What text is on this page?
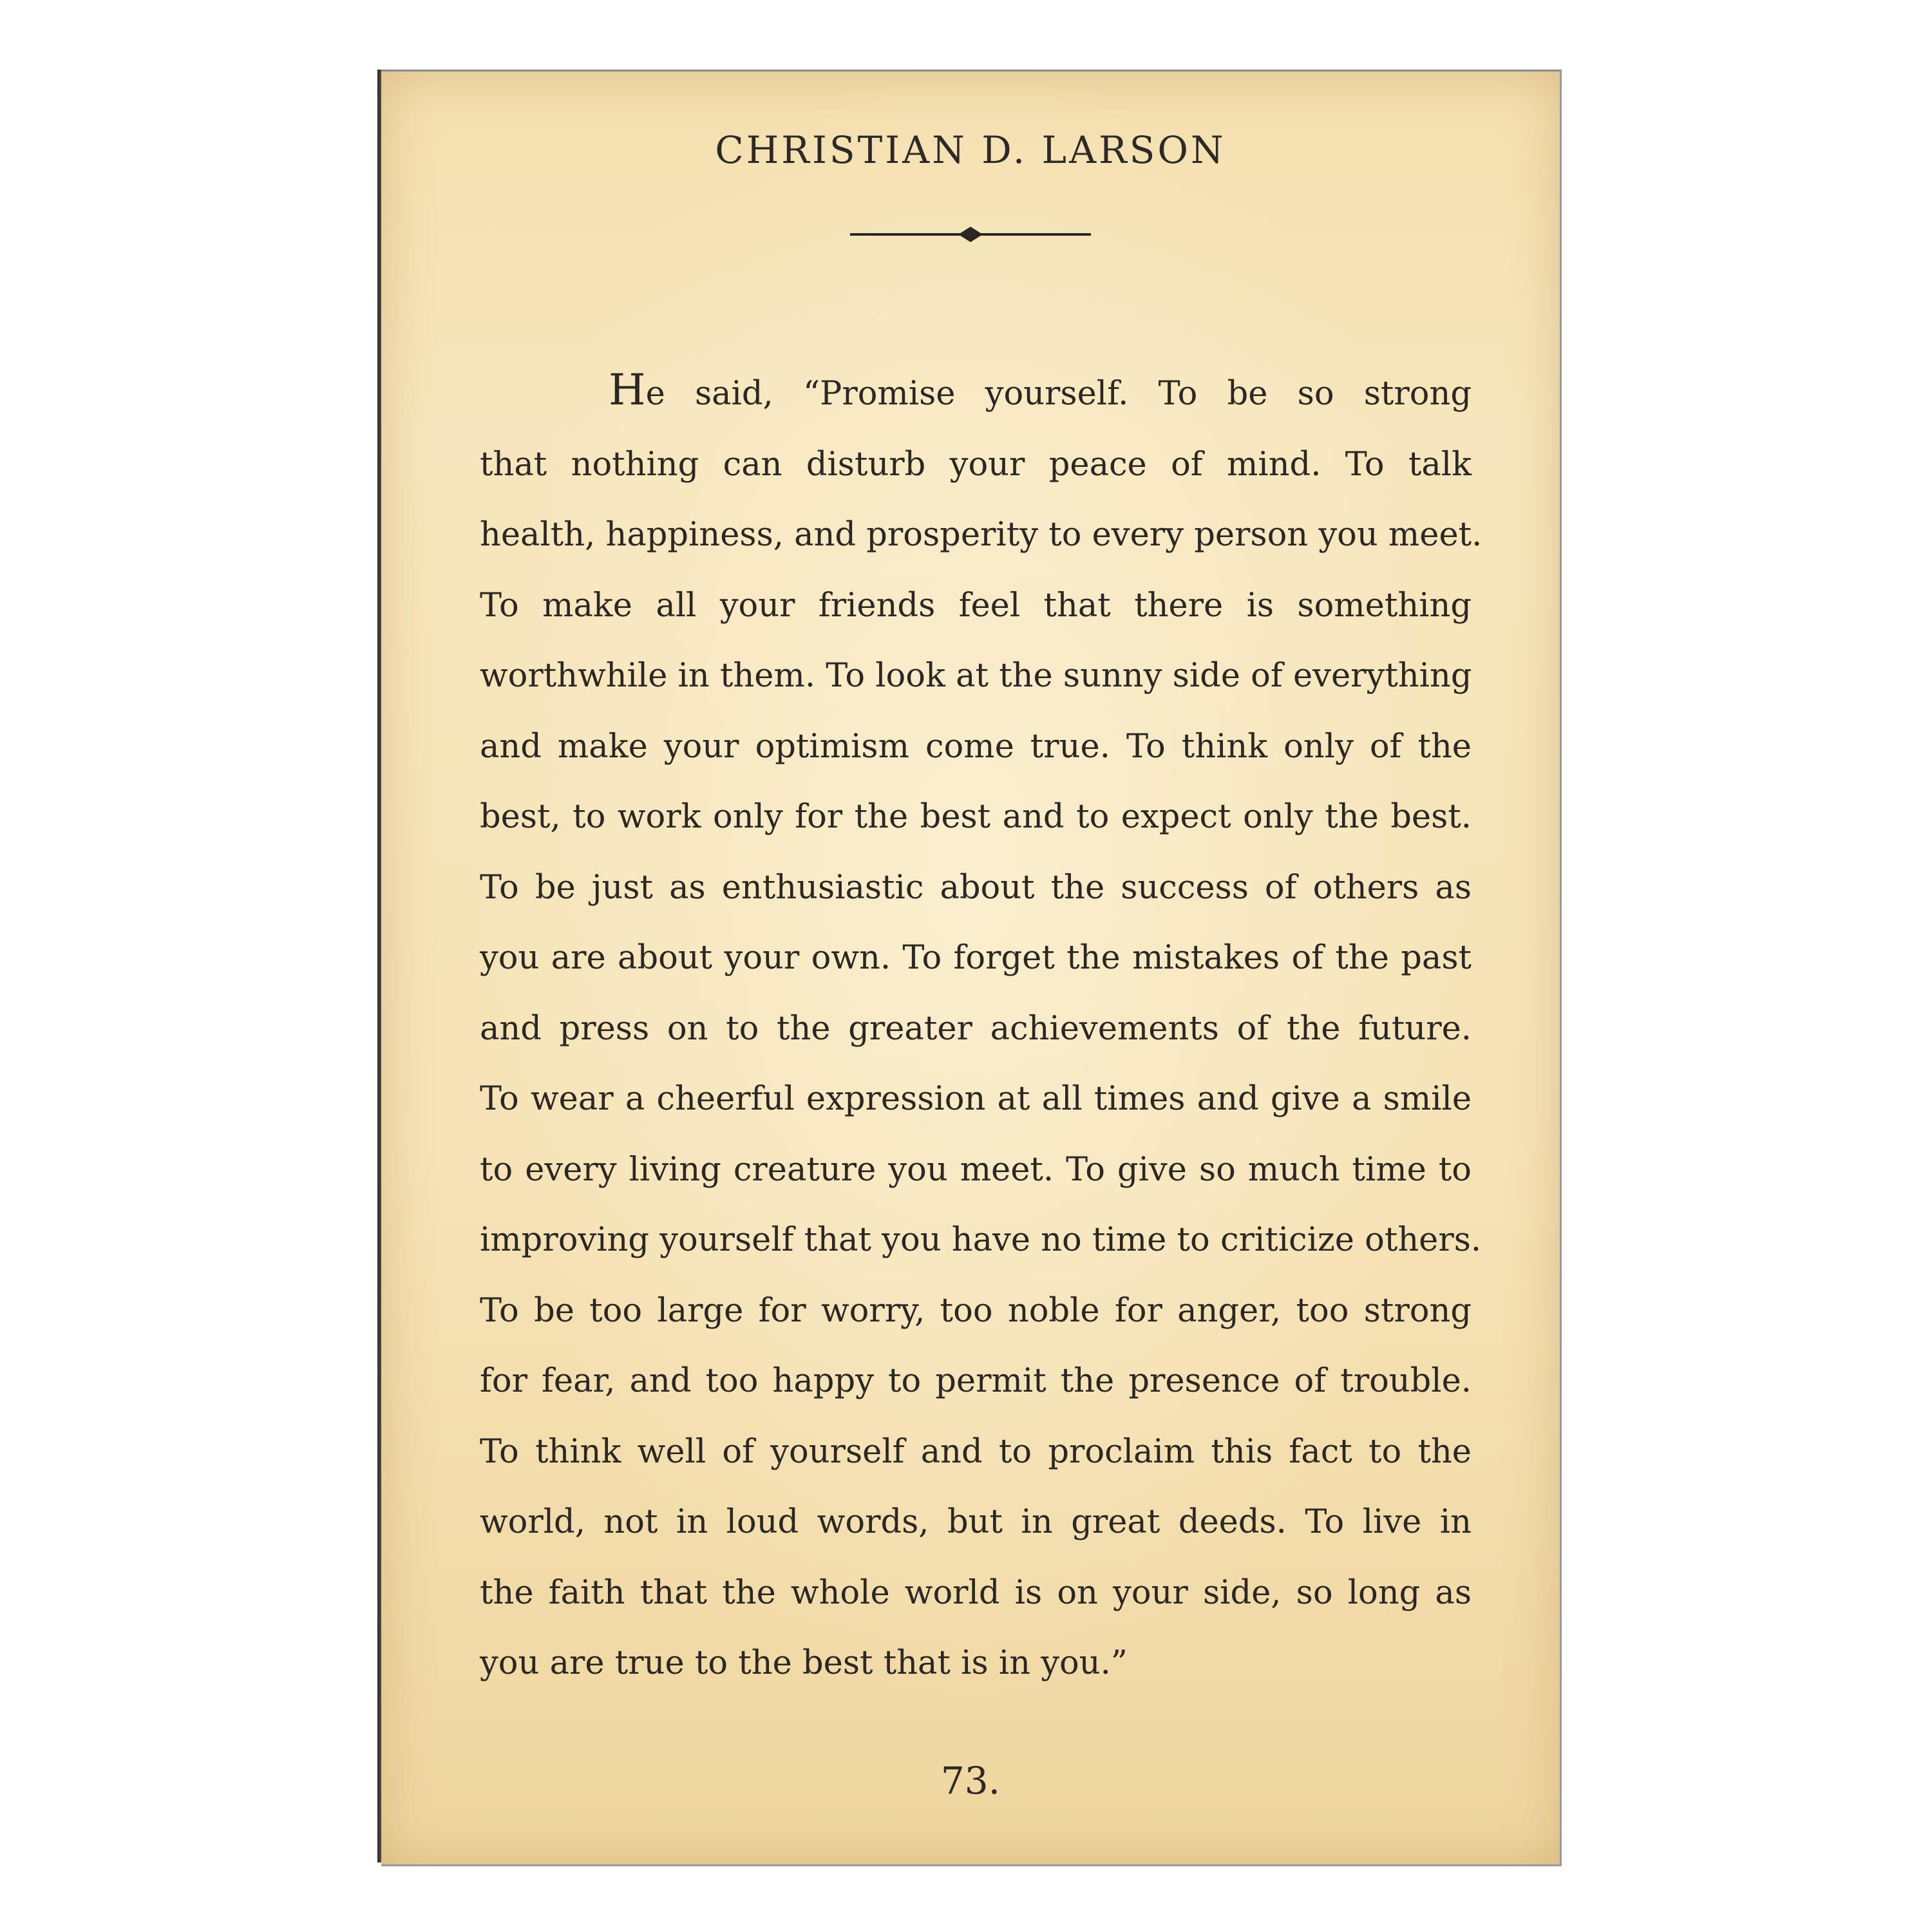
CHRISTIAN D. LARSON

He said, “Promise yourself. To be so strong
that nothing can disturb your peace of mind. To talk
health, happiness, and prosperity to every person you meet.
To make all your friends feel that there is something
worthwhile in them. To look at the sunny side of everything
and make your optimism come true. To think only of the
best, to work only for the best and to expect only the best.
To be just as enthusiastic about the success of others as
you are about your own. To forget the mistakes of the past
and press on to the greater achievements of the future.
To wear a cheerful expression at all times and give a smile
to every living creature you meet. To give so much time to
improving yourself that you have no time to criticize others.
To be too large for worry, too noble for anger, too strong
for fear, and too happy to permit the presence of trouble.
To think well of yourself and to proclaim this fact to the
world, not in loud words, but in great deeds. To live in
the faith that the whole world is on your side, so long as
you are true to the best that is in you.”

73.
